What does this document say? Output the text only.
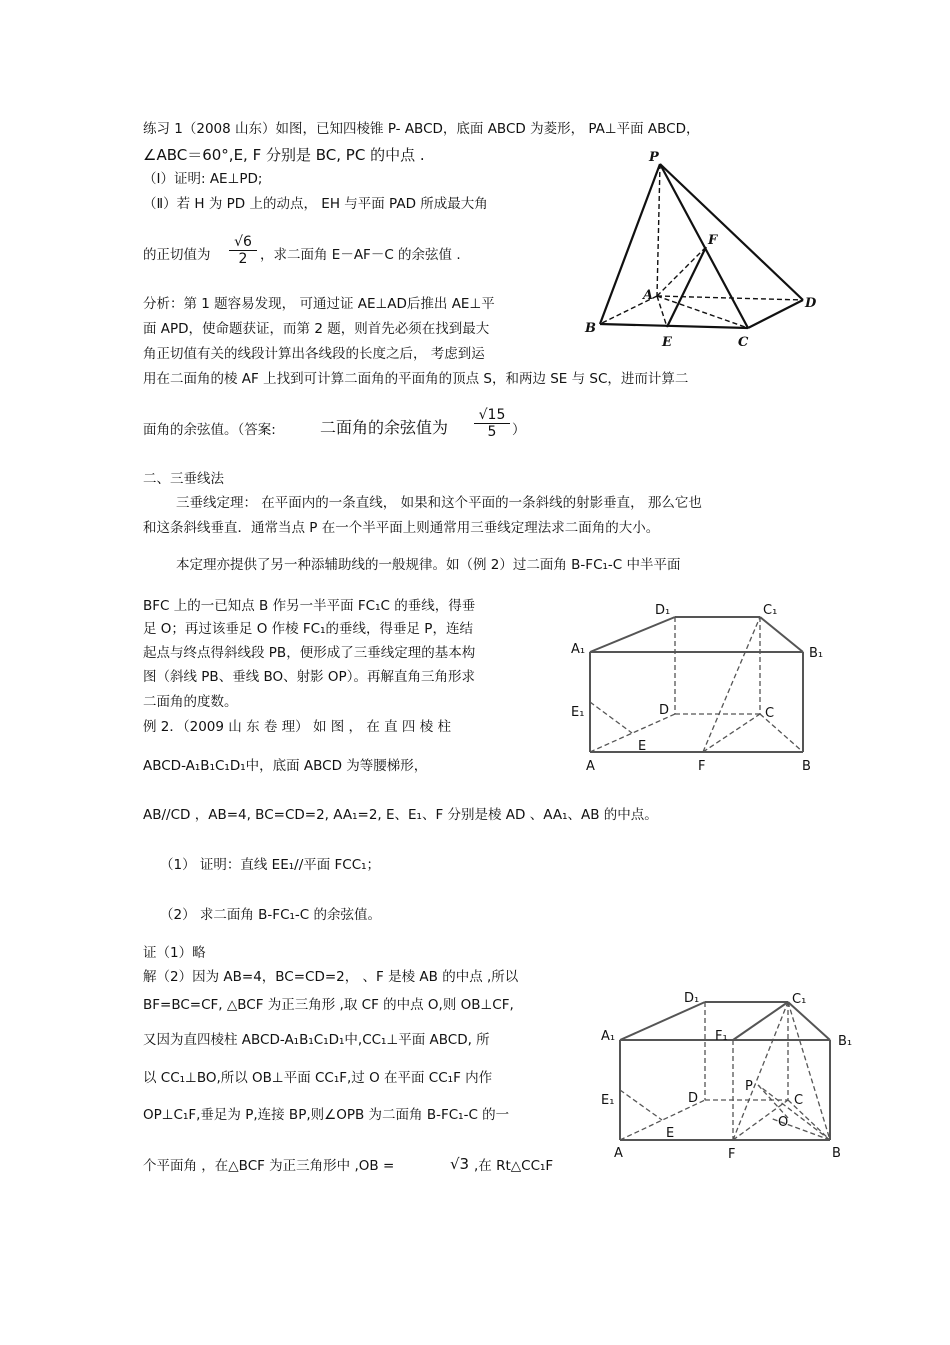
练习 1（2008 山东）如图，已知四棱锥 P- ABCD，底面 ABCD 为菱形， PA⊥平面 ABCD，
∠ABC＝60°,E, F 分别是 BC, PC 的中点 .
（Ⅰ）证明: AE⊥PD;
（Ⅱ）若 H 为 PD 上的动点， EH 与平面 PAD 所成最大角
的正切值为 $\frac{√6}{2}$ ，求二面角 E－AF－C 的余弦值 .
分析：第 1 题容易发现， 可通过证 AE⊥AD后推出 AE⊥平
面 APD，使命题获证，而第 2 题，则首先必须在找到最大
角正切值有关的线段计算出各线段的长度之后， 考虑到运
用在二面角的棱 AF 上找到可计算二面角的平面角的顶点 S，和两边 SE 与 SC，进而计算二
面角的余弦值。（答案:	二面角的余弦值为 $\frac{√15}{5}$ ）
P
F
A
D
B
E	C
二、三垂线法
三垂线定理： 在平面内的一条直线， 如果和这个平面的一条斜线的射影垂直， 那么它也
和这条斜线垂直．通常当点 P 在一个半平面上则通常用三垂线定理法求二面角的大小。
本定理亦提供了另一种添辅助线的一般规律。如（例 2）过二面角 B-FC₁-C 中半平面
BFC 上的一已知点 B 作另一半平面 FC₁C 的垂线，得垂
足 O；再过该垂足 O 作棱 FC₁的垂线，得垂足 P，连结
起点与终点得斜线段 PB，便形成了三垂线定理的基本构
图（斜线 PB、垂线 BO、射影 OP）。再解直角三角形求
二面角的度数。
D₁	C₁
A₁	B₁
E₁	D	C
E
A	F	B
例 2．（2009 山 东 卷 理） 如 图 ， 在 直 四 棱 柱
ABCD-A₁B₁C₁D₁中，底面 ABCD 为等腰梯形，
AB//CD ，AB=4, BC=CD=2, AA₁=2, E、E₁、F 分别是棱 AD 、AA₁、AB 的中点。
（1） 证明：直线 EE₁//平面 FCC₁；
（2） 求二面角 B-FC₁-C 的余弦值。
证（1）略
解（2）因为 AB=4，BC=CD=2， 、F 是棱 AB 的中点 ,所以
BF=BC=CF, △BCF 为正三角形 ,取 CF 的中点 O,则 OB⊥CF,
又因为直四棱柱 ABCD-A₁B₁C₁D₁中,CC₁⊥平面 ABCD, 所
以 CC₁⊥BO,所以 OB⊥平面 CC₁F,过 O 在平面 CC₁F 内作
OP⊥C₁F,垂足为 P,连接 BP,则∠OPB 为二面角 B-FC₁-C 的一
个平面角 ，在△BCF 为正三角形中 ,OB =	√3 ,在 Rt△CC₁F
D₁	C₁
A₁	F₁	B₁
P
E₁	D	C
O
E
A	F	B
